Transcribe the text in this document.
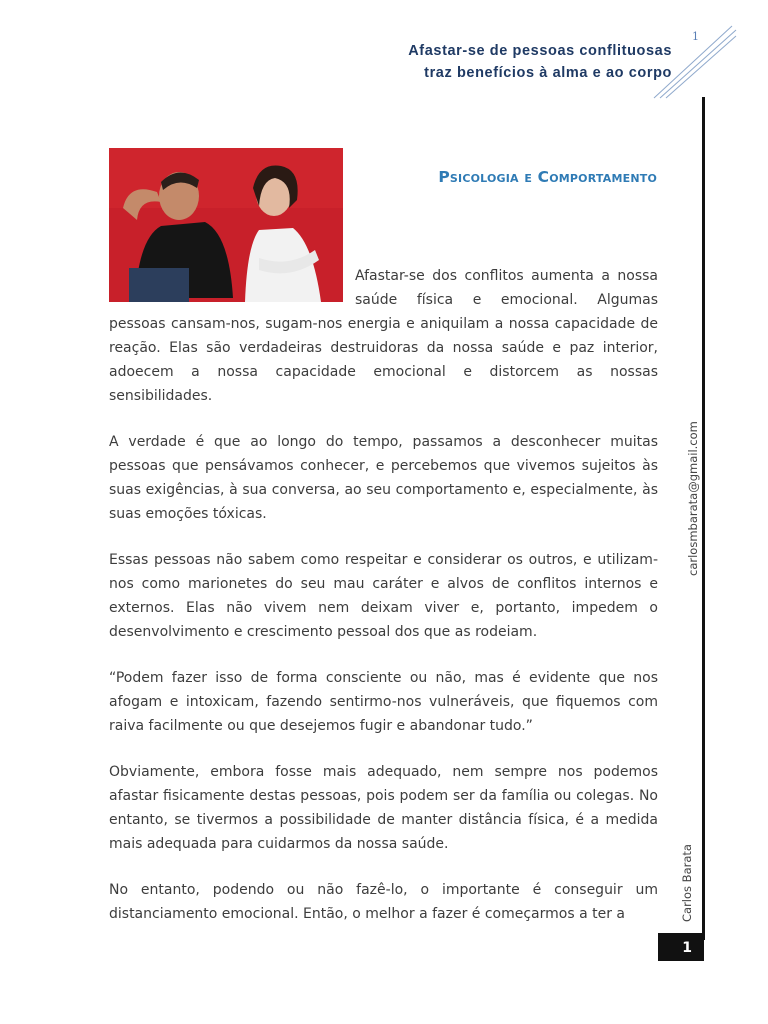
Afastar-se de pessoas conflituosas
traz benefícios à alma e ao corpo
1
carlosmbarata@gmail.com
Carlos Barata
1
Psicologia e Comportamento

Afastar-se dos conflitos aumenta a nossa saúde física e emocional. Algumas pessoas cansam-nos, sugam-nos energia e aniquilam a nossa capacidade de reação. Elas são verdadeiras destruidoras da nossa saúde e paz interior, adoecem a nossa capacidade emocional e distorcem as nossas sensibilidades.

A verdade é que ao longo do tempo, passamos a desconhecer muitas pessoas que pensávamos conhecer, e percebemos que vivemos sujeitos às suas exigências, à sua conversa, ao seu comportamento e, especialmente, às suas emoções tóxicas.

Essas pessoas não sabem como respeitar e considerar os outros, e utilizam-nos como marionetes do seu mau caráter e alvos de conflitos internos e externos. Elas não vivem nem deixam viver e, portanto, impedem o desenvolvimento e crescimento pessoal dos que as rodeiam.

“Podem fazer isso de forma consciente ou não, mas é evidente que nos afogam e intoxicam, fazendo sentirmo-nos vulneráveis, que fiquemos com raiva facilmente ou que desejemos fugir e abandonar tudo.”

Obviamente, embora fosse mais adequado, nem sempre nos podemos afastar fisicamente destas pessoas, pois podem ser da família ou colegas. No entanto, se tivermos a possibilidade de manter distância física, é a medida mais adequada para cuidarmos da nossa saúde.

No entanto, podendo ou não fazê-lo, o importante é conseguir um distanciamento emocional. Então, o melhor a fazer é começarmos a ter a
